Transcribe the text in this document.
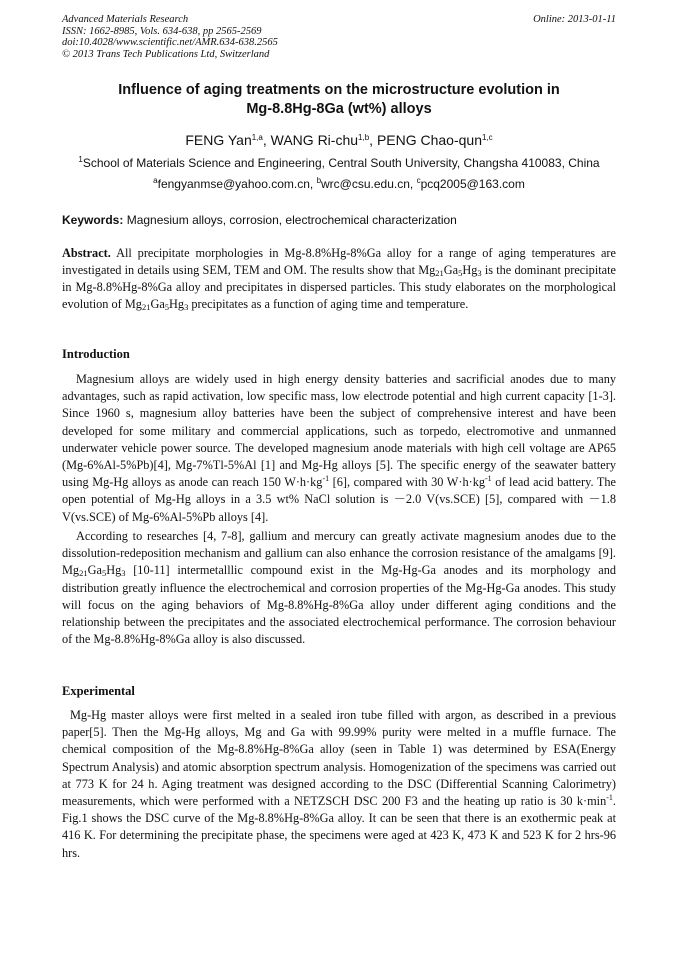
Advanced Materials Research
ISSN: 1662-8985, Vols. 634-638, pp 2565-2569
doi:10.4028/www.scientific.net/AMR.634-638.2565
© 2013 Trans Tech Publications Ltd, Switzerland
Online: 2013-01-11
Influence of aging treatments on the microstructure evolution in
Mg-8.8Hg-8Ga (wt%) alloys
FENG Yan$^{1,a}$, WANG Ri-chu$^{1,b}$, PENG Chao-qun$^{1,c}$
$^1$School of Materials Science and Engineering, Central South University, Changsha 410083, China
$^a$fengyanmse@yahoo.com.cn, $^b$wrc@csu.edu.cn, $^c$pcq2005@163.com
Keywords: Magnesium alloys, corrosion, electrochemical characterization
Abstract. All precipitate morphologies in Mg-8.8%Hg-8%Ga alloy for a range of aging temperatures are investigated in details using SEM, TEM and OM. The results show that $Mg_{21}Ga_5Hg_3$ is the dominant precipitate in Mg-8.8%Hg-8%Ga alloy and precipitates in dispersed particles. This study elaborates on the morphological evolution of $Mg_{21}Ga_5Hg_3$ precipitates as a function of aging time and temperature.
Introduction
Magnesium alloys are widely used in high energy density batteries and sacrificial anodes due to many advantages, such as rapid activation, low specific mass, low electrode potential and high current capacity [1-3]. Since 1960 s, magnesium alloy batteries have been the subject of comprehensive interest and have been developed for some military and commercial applications, such as torpedo, electromotive and unmanned underwater vehicle power source. The developed magnesium anode materials with high cell voltage are AP65 (Mg-6%Al-5%Pb)[4], Mg-7%Tl-5%Al [1] and Mg-Hg alloys [5]. The specific energy of the seawater battery using Mg-Hg alloys as anode can reach 150 $W\cdot h\cdot kg^{-1}$ [6], compared with 30 $W\cdot h\cdot kg^{-1}$ of lead acid battery. The open potential of Mg-Hg alloys in a 3.5 wt% NaCl solution is －2.0 V(vs.SCE) [5], compared with －1.8 V(vs.SCE) of Mg-6%Al-5%Pb alloys [4].
According to researches [4, 7-8], gallium and mercury can greatly activate magnesium anodes due to the dissolution-redeposition mechanism and gallium can also enhance the corrosion resistance of the amalgams [9]. $Mg_{21}Ga_5Hg_3$ [10-11] intermetalllic compound exist in the Mg-Hg-Ga anodes and its morphology and distribution greatly influence the electrochemical and corrosion properties of the Mg-Hg-Ga anodes. This study will focus on the aging behaviors of Mg-8.8%Hg-8%Ga alloy under different aging conditions and the relationship between the precipitates and the associated electrochemical performance. The corrosion behaviour of the Mg-8.8%Hg-8%Ga alloy is also discussed.
Experimental
Mg-Hg master alloys were first melted in a sealed iron tube filled with argon, as described in a previous paper[5]. Then the Mg-Hg alloys, Mg and Ga with 99.99% purity were melted in a muffle furnace. The chemical composition of the Mg-8.8%Hg-8%Ga alloy (seen in Table 1) was determined by ESA(Energy Spectrum Analysis) and atomic absorption spectrum analysis. Homogenization of the specimens was carried out at 773 K for 24 h. Aging treatment was designed according to the DSC (Differential Scanning Calorimetry) measurements, which were performed with a NETZSCH DSC 200 F3 and the heating up ratio is 30 $k\cdot\min^{-1}$. Fig.1 shows the DSC curve of the Mg-8.8%Hg-8%Ga alloy. It can be seen that there is an exothermic peak at 416 K. For determining the precipitate phase, the specimens were aged at 423 K, 473 K and 523 K for 2 hrs-96 hrs.
